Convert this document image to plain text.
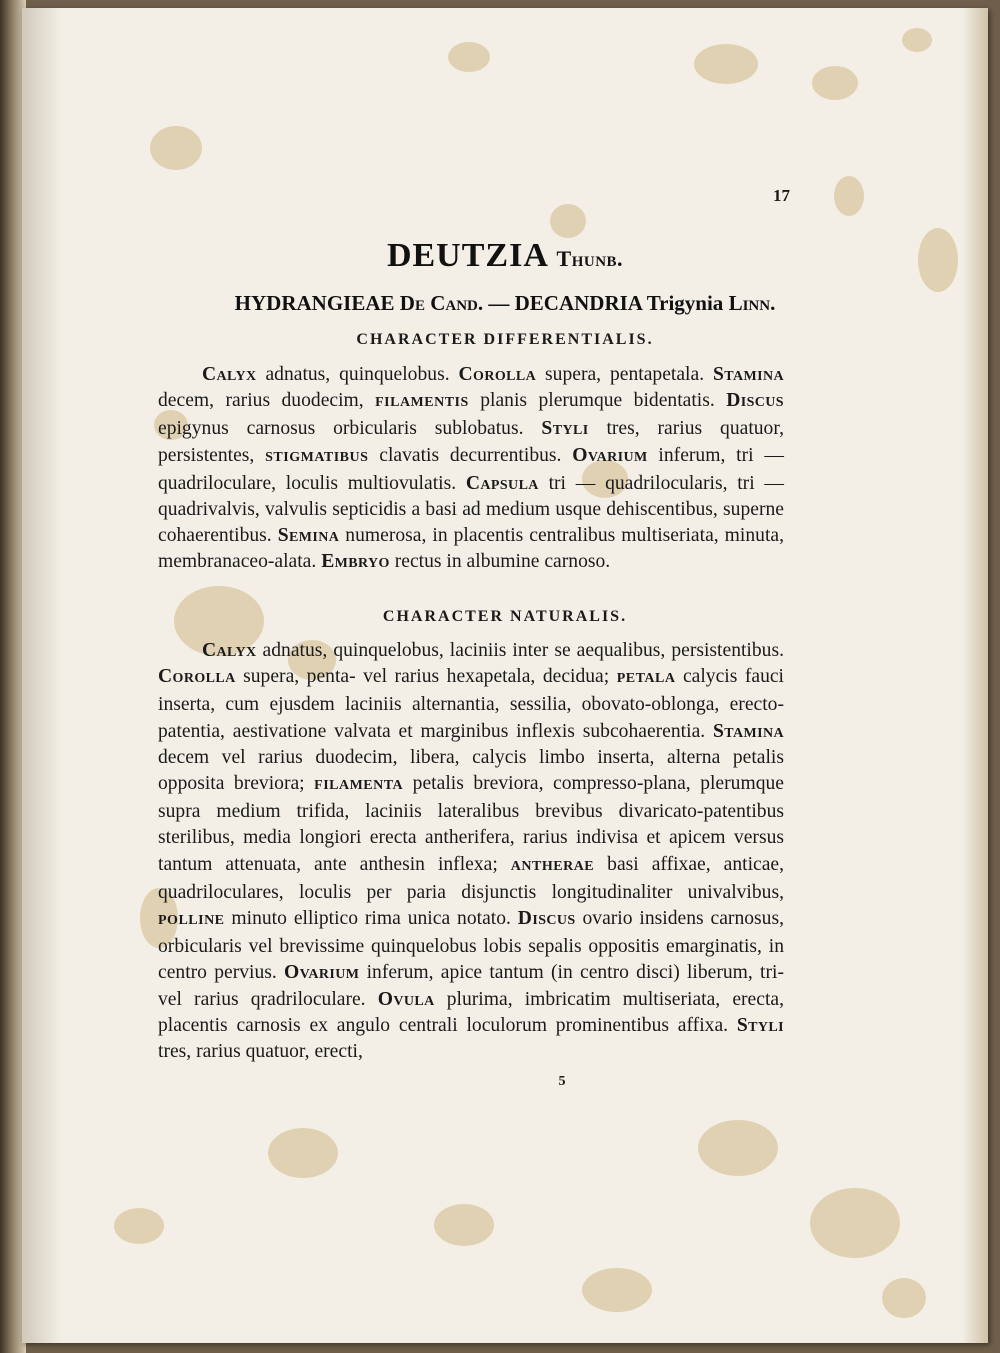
17
DEUTZIA Thunb.
HYDRANGIEAE De Cand. — DECANDRIA Trigynia Linn.
CHARACTER DIFFERENTIALIS.

Calyx adnatus, quinquelobus. Corolla supera, pentapetala. Stamina decem, rarius duodecim, FILAMENTIS planis plerumque bidentatis. Discus epigynus carnosus orbicularis sublobatus. Styli tres, rarius quatuor, persistentes, STIGMATIBUS clavatis decurrentibus. Ovarium inferum, tri — quadriloculare, loculis multiovulatis. Capsula tri — quadrilocularis, tri — quadrivalvis, valvulis septicidis a basi ad medium usque dehiscentibus, superne cohaerentibus. Semina numerosa, in placentis centralibus multiseriata, minuta, membranaceo-alata. Embryo rectus in albumine carnoso.

CHARACTER NATURALIS.

Calyx adnatus, quinquelobus, laciniis inter se aequalibus, persistentibus. Corolla supera, penta- vel rarius hexapetala, decidua; PETALA calycis fauci inserta, cum ejusdem laciniis alternantia, sessilia, obovato-oblonga, erecto-patentia, aestivatione valvata et marginibus inflexis subcohaerentia. Stamina decem vel rarius duodecim, libera, calycis limbo inserta, alterna petalis opposita breviora; FILAMENTA petalis breviora, compresso-plana, plerumque supra medium trifida, laciniis lateralibus brevibus divaricato-patentibus sterilibus, media longiori erecta antherifera, rarius indivisa et apicem versus tantum attenuata, ante anthesin inflexa; ANTHERAE basi affixae, anticae, quadriloculares, loculis per paria disjunctis longitudinaliter univalvibus, POLLINE minuto elliptico rima unica notato. Discus ovario insidens carnosus, orbicularis vel brevissime quinquelobus lobis sepalis oppositis emarginatis, in centro pervius. Ovarium inferum, apice tantum (in centro disci) liberum, tri- vel rarius qradriloculare. Ovula plurima, imbricatim multiseriata, erecta, placentis carnosis ex angulo centrali loculorum prominentibus affixa. Styli tres, rarius quatuor, erecti,

5
